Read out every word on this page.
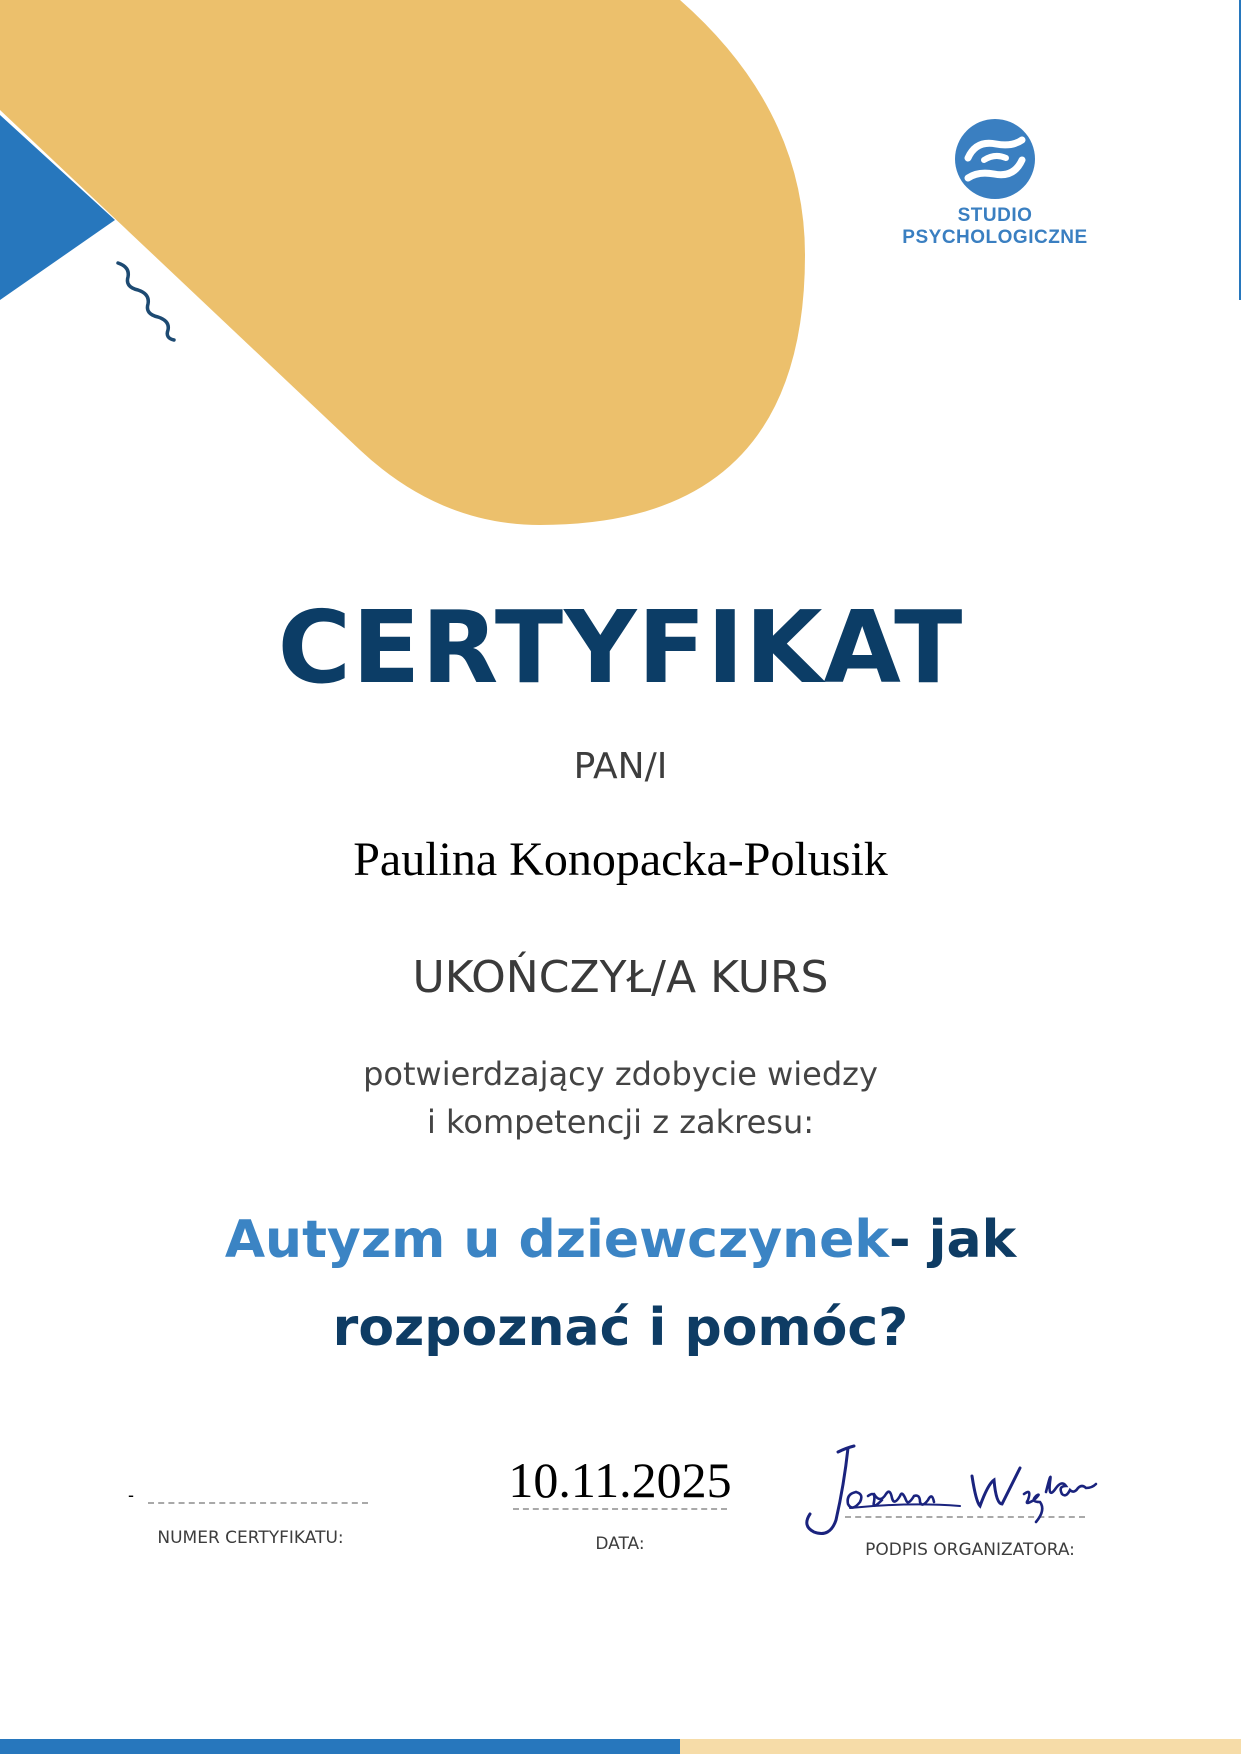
STUDIO
PSYCHOLOGICZNE
CERTYFIKAT
PAN/I
Paulina Konopacka-Polusik
UKOŃCZYŁ/A KURS
potwierdzający zdobycie wiedzy
i kompetencji z zakresu:
Autyzm u dziewczynek- jak
rozpoznać i pomóc?
-
NUMER CERTYFIKATU:
10.11.2025
DATA:	PODPIS ORGANIZATORA:
